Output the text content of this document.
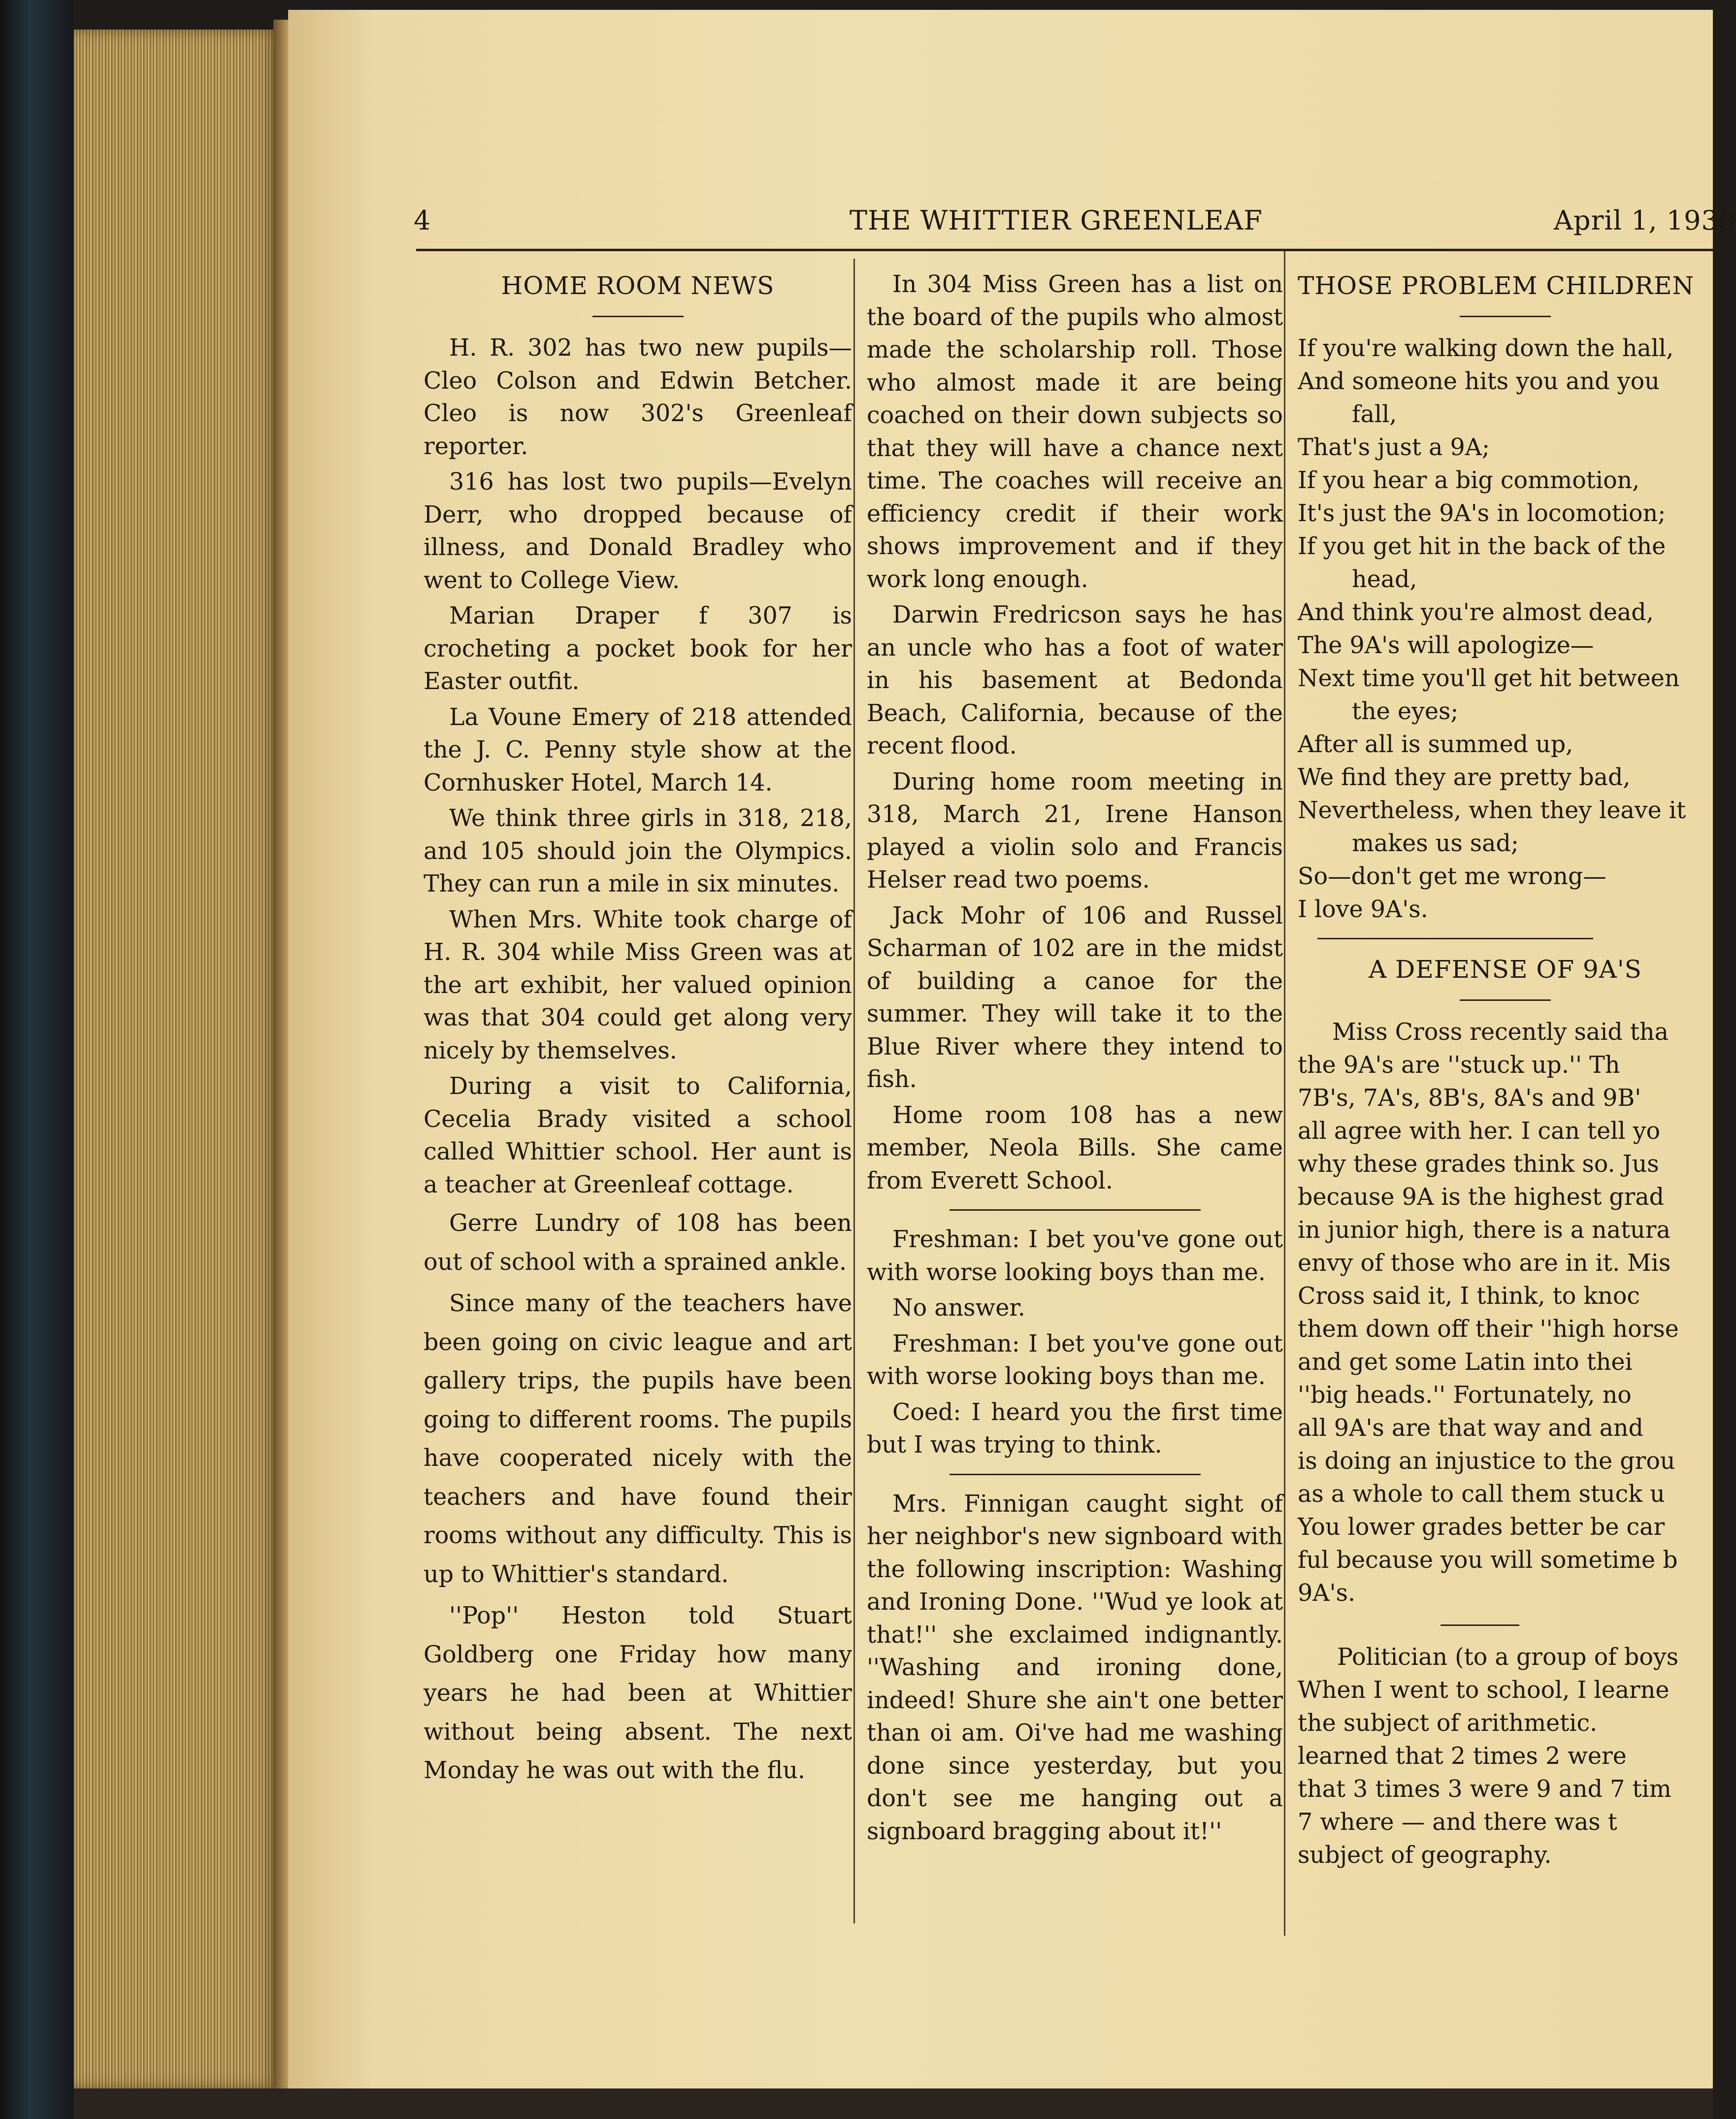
4	THE WHITTIER GREENLEAF	April 1, 1938
HOME ROOM NEWS

H. R. 302 has two new pupils—Cleo Colson and Edwin Betcher. Cleo is now 302's Greenleaf reporter.

316 has lost two pupils—Evelyn Derr, who dropped because of illness, and Donald Bradley who went to College View.

Marian Draper f 307 is crocheting a pocket book for her Easter outfit.

La Voune Emery of 218 attended the J. C. Penny style show at the Cornhusker Hotel, March 14.

We think three girls in 318, 218, and 105 should join the Olympics. They can run a mile in six minutes.

When Mrs. White took charge of H. R. 304 while Miss Green was at the art exhibit, her valued opinion was that 304 could get along very nicely by themselves.

During a visit to California, Cecelia Brady visited a school called Whittier school. Her aunt is a teacher at Greenleaf cottage.

Gerre Lundry of 108 has been out of school with a sprained ankle.

Since many of the teachers have been going on civic league and art gallery trips, the pupils have been going to different rooms. The pupils have cooperated nicely with the teachers and have found their rooms without any difficulty. This is up to Whittier's standard.

''Pop'' Heston told Stuart Goldberg one Friday how many years he had been at Whittier without being absent. The next Monday he was out with the flu.

In 304 Miss Green has a list on the board of the pupils who almost made the scholarship roll. Those who almost made it are being coached on their down subjects so that they will have a chance next time. The coaches will receive an efficiency credit if their work shows improvement and if they work long enough.

Darwin Fredricson says he has an uncle who has a foot of water in his basement at Bedonda Beach, California, because of the recent flood.

During home room meeting in 318, March 21, Irene Hanson played a violin solo and Francis Helser read two poems.

Jack Mohr of 106 and Russel Scharman of 102 are in the midst of building a canoe for the summer. They will take it to the Blue River where they intend to fish.

Home room 108 has a new member, Neola Bills. She came from Everett School.

Freshman: I bet you've gone out with worse looking boys than me.

No answer.

Freshman: I bet you've gone out with worse looking boys than me.

Coed: I heard you the first time but I was trying to think.

Mrs. Finnigan caught sight of her neighbor's new signboard with the following inscription: Washing and Ironing Done. ''Wud ye look at that!'' she exclaimed indignantly. ''Washing and ironing done, indeed! Shure she ain't one better than oi am. Oi've had me washing done since yesterday, but you don't see me hanging out a signboard bragging about it!''

THOSE PROBLEM CHILDREN
If you're walking down the hall,
And someone hits you and you
fall,
That's just a 9A;
If you hear a big commotion,
It's just the 9A's in locomotion;
If you get hit in the back of the
head,
And think you're almost dead,
The 9A's will apologize—
Next time you'll get hit between
the eyes;
After all is summed up,
We find they are pretty bad,
Nevertheless, when they leave it
makes us sad;
So—don't get me wrong—
I love 9A's.
A DEFENSE OF 9A'S
Miss Cross recently said tha
the 9A's are ''stuck up.'' Th
7B's, 7A's, 8B's, 8A's and 9B'
all agree with her. I can tell yo
why these grades think so. Jus
because 9A is the highest grad
in junior high, there is a natura
envy of those who are in it. Mis
Cross said it, I think, to knoc
them down off their ''high horse
and get some Latin into thei
''big heads.'' Fortunately, no
all 9A's are that way and and
is doing an injustice to the grou
as a whole to call them stuck u
You lower grades better be car
ful because you will sometime b
9A's.
Politician (to a group of boys
When I went to school, I learne
the subject of arithmetic.
learned that 2 times 2 were
that 3 times 3 were 9 and 7 tim
7 where — and there was t
subject of geography.
